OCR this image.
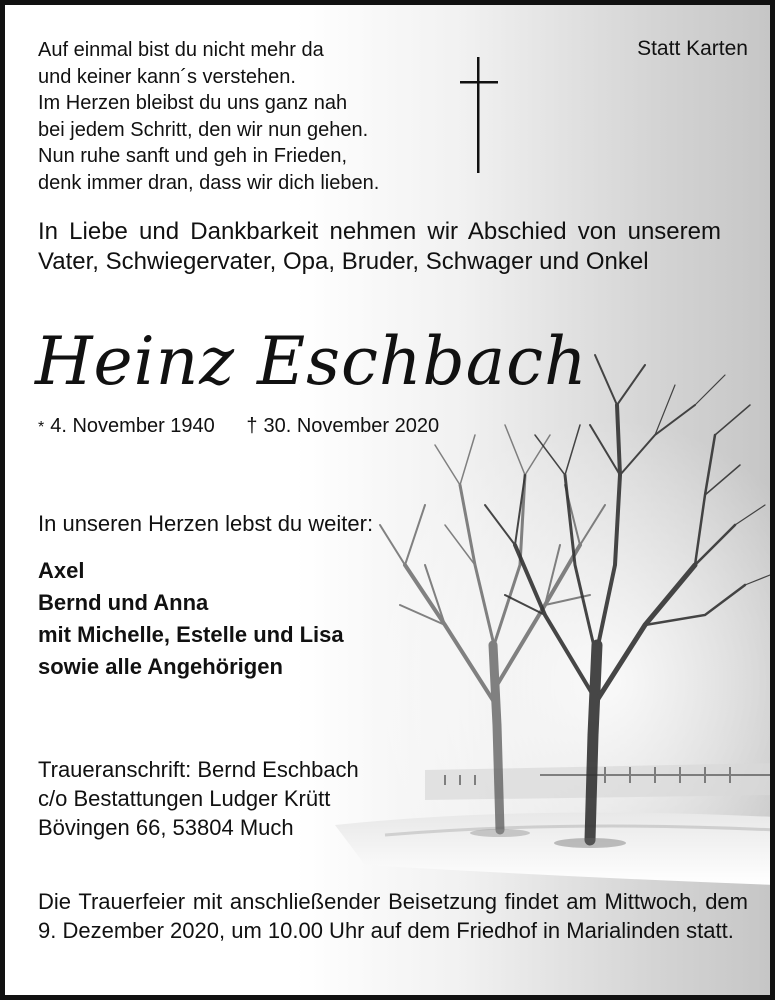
Auf einmal bist du nicht mehr da
und keiner kann´s verstehen.
Im Herzen bleibst du uns ganz nah
bei jedem Schritt, den wir nun gehen.
Nun ruhe sanft und geh in Frieden,
denk immer dran, dass wir dich lieben.
Statt Karten
In Liebe und Dankbarkeit nehmen wir Abschied von unserem Vater, Schwiegervater, Opa, Bruder, Schwager und Onkel
Heinz Eschbach
* 4. November 1940 † 30. November 2020
In unseren Herzen lebst du weiter:
Axel
Bernd und Anna
mit Michelle, Estelle und Lisa
sowie alle Angehörigen
Traueranschrift: Bernd Eschbach
c/o Bestattungen Ludger Krütt
Bövingen 66, 53804 Much
Die Trauerfeier mit anschließender Beisetzung findet am Mittwoch, dem 9. Dezember 2020, um 10.00 Uhr auf dem Friedhof in Marialinden statt.
